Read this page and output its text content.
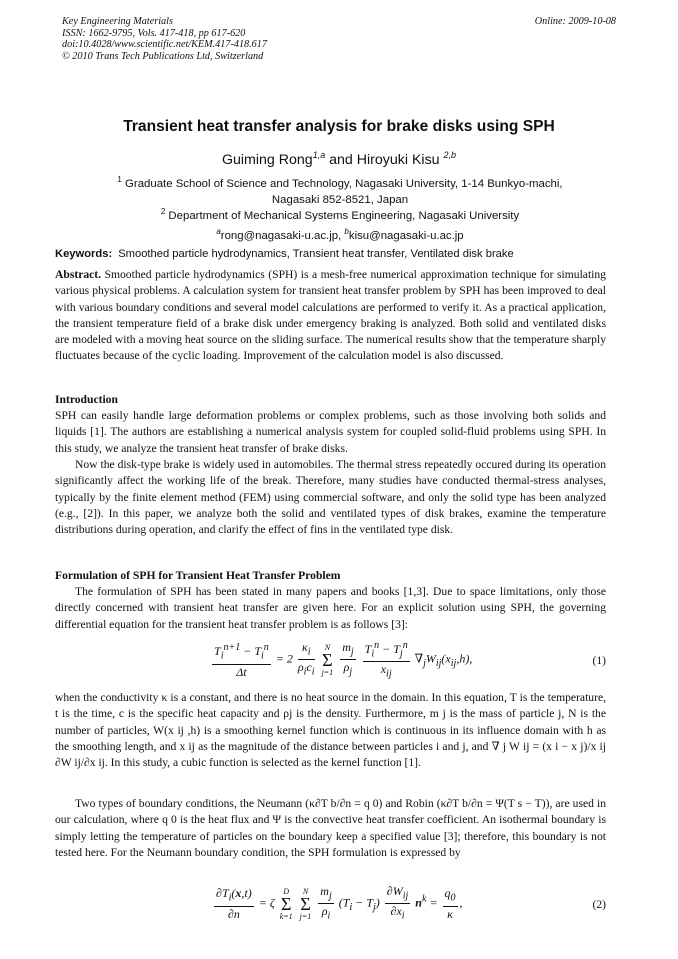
Key Engineering Materials
ISSN: 1662-9795, Vols. 417-418, pp 617-620
doi:10.4028/www.scientific.net/KEM.417-418.617
© 2010 Trans Tech Publications Ltd, Switzerland
Online: 2009-10-08
Transient heat transfer analysis for brake disks using SPH
Guiming Rong$^{1,a}$ and Hiroyuki Kisu $^{2,b}$
$^1$ Graduate School of Science and Technology, Nagasaki University, 1-14 Bunkyo-machi,
Nagasaki 852-8521, Japan
$^2$ Department of Mechanical Systems Engineering, Nagasaki University
$^a$rong@nagasaki-u.ac.jp, $^b$kisu@nagasaki-u.ac.jp
Keywords: Smoothed particle hydrodynamics, Transient heat transfer, Ventilated disk brake
Abstract. Smoothed particle hydrodynamics (SPH) is a mesh-free numerical approximation technique for simulating various physical problems. A calculation system for transient heat transfer problem by SPH has been improved to deal with various boundary conditions and several model calculations are performed to verify it. As a practical application, the transient temperature field of a brake disk under emergency braking is analyzed. Both solid and ventilated disks are modeled with a moving heat source on the sliding surface. The numerical results show that the temperature sharply fluctuates because of the cyclic loading. Improvement of the calculation model is also discussed.
Introduction
SPH can easily handle large deformation problems or complex problems, such as those involving both solids and liquids [1]. The authors are establishing a numerical analysis system for coupled solid-fluid problems using SPH. In this study, we analyze the transient heat transfer of brake disks.
Now the disk-type brake is widely used in automobiles. The thermal stress repeatedly occured during its operation significantly affect the working life of the break. Therefore, many studies have conducted thermal-stress analyses, typically by the finite element method (FEM) using commercial software, and only the solid type has been analyzed (e.g., [2]). In this paper, we analyze both the solid and ventilated types of disk brakes, examine the temperature distributions during operation, and clarify the effect of fins in the ventilated type disk.
Formulation of SPH for Transient Heat Transfer Problem
The formulation of SPH has been stated in many papers and books [1,3]. Due to space limitations, only those directly concerned with transient heat transfer are given here. For an explicit solution using SPH, the governing differential equation for the transient heat transfer problem is as follows [3]:
$\frac{T_i^{n+1} - T_i^n}{\Delta t} = 2 \frac{\kappa_i}{\rho_ic_i}$
	N
Σ
j=1
$\frac{m_j}{\rho_j}$
$\frac{T_i^n - T_j^n}{x_{ij}} \nabla_jW_{ij}(x_{ij},h)$,	(1)
when the conductivity κ is a constant, and there is no heat source in the domain. In this equation, T is the temperature, t is the time, c is the specific heat capacity and ρj is the density. Furthermore, m j is the mass of particle j, N is the number of particles, W(x ij ,h) is a smoothing kernel function which is continuous in its influence domain with h as the smoothing length, and x ij as the magnitude of the distance between particles i and j, and ∇ j W ij = (x i − x j)/x ij ∂W ij/∂x ij. In this study, a cubic function is selected as the kernel function [1].
Two types of boundary conditions, the Neumann (κ∂T b/∂n = q 0) and Robin (κ∂T b/∂n = Ψ(T s − T)), are used in our calculation, where q 0 is the heat flux and Ψ is the convective heat transfer coefficient. An isothermal boundary is simply letting the temperature of particles on the boundary keep a specified value [3]; therefore, this boundary is not tested here. For the Neumann boundary condition, the SPH formulation is expressed by
$\frac{\partial T_i(x,t)}{\partial n} = \zeta$
D
Σ
k=1

N
Σ
j=1
$\frac{m_j}{\rho_i} (T_i - T_j) \frac{\partial W_{ij}}{\partial x_i} n^k = \frac{q_0}{\kappa}$ ,	(2)
